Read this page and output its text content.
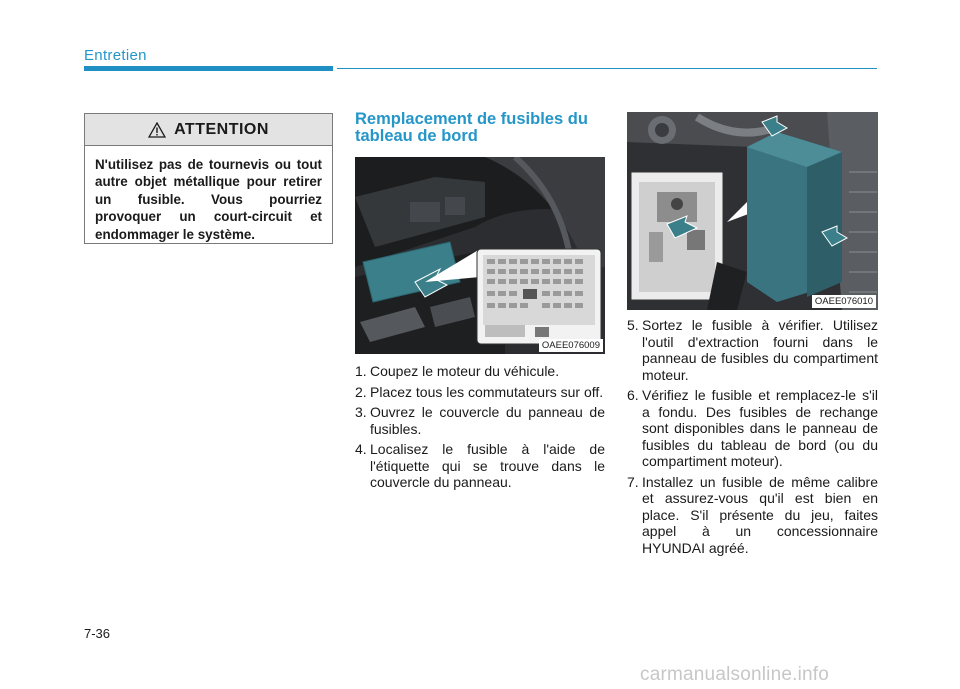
Entretien
ATTENTION
N'utilisez pas de tournevis ou tout autre objet métallique pour retirer un fusible. Vous pourriez provoquer un court-circuit et endommager le système.
Remplacement de fusibles du tableau de bord
OAEE076009
1. Coupez le moteur du véhicule.
2. Placez tous les commutateurs sur off.
3. Ouvrez le couvercle du panneau de fusibles.
4. Localisez le fusible à l'aide de l'étiquette qui se trouve dans le couvercle du panneau.
OAEE076010
5. Sortez le fusible à vérifier. Utilisez l'outil d'extraction fourni dans le panneau de fusibles du compartiment moteur.
6. Vérifiez le fusible et remplacez-le s'il a fondu. Des fusibles de rechange sont disponibles dans le panneau de fusibles du tableau de bord (ou du compartiment moteur).
7. Installez un fusible de même calibre et assurez-vous qu'il est bien en place. S'il présente du jeu, faites appel à un concessionnaire HYUNDAI agréé.
7-36
carmanualsonline.info
